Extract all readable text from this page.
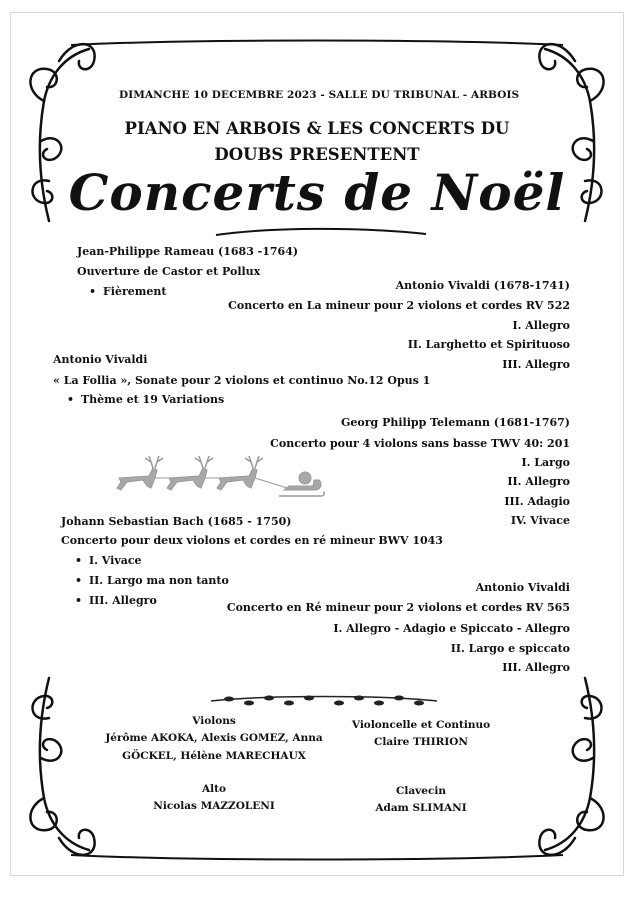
DIMANCHE 10 DECEMBRE 2023 - SALLE DU TRIBUNAL - ARBOIS
PIANO EN ARBOIS & LES CONCERTS DU
DOUBS PRESENTENT
Concerts de Noël
Jean-Philippe Rameau (1683 -1764)
Ouverture de Castor et Pollux
• Fièrement	Antonio Vivaldi (1678-1741)
Concerto en La mineur pour 2 violons et cordes RV 522
I. Allegro
II. Larghetto et Spirituoso
III. Allegro
Antonio Vivaldi
« La Follia », Sonate pour 2 violons et continuo No.12 Opus 1
• Thème et 19 Variations
Georg Philipp Telemann (1681-1767)
Concerto pour 4 violons sans basse TWV 40: 201
I. Largo
II. Allegro
III. Adagio
IV. Vivace
Johann Sebastian Bach (1685 - 1750)
Concerto pour deux violons et cordes en ré mineur BWV 1043
• I. Vivace
• II. Largo ma non tanto
• III. Allegro
Antonio Vivaldi
Concerto en Ré mineur pour 2 violons et cordes RV 565
I. Allegro - Adagio e Spiccato - Allegro
II. Largo e spiccato
III. Allegro
Violons
Jérôme AKOKA, Alexis GOMEZ, Anna
GÖCKEL, Hélène MARECHAUX
Violoncelle et Continuo
Claire THIRION
Alto
Nicolas MAZZOLENI
Clavecin
Adam SLIMANI
